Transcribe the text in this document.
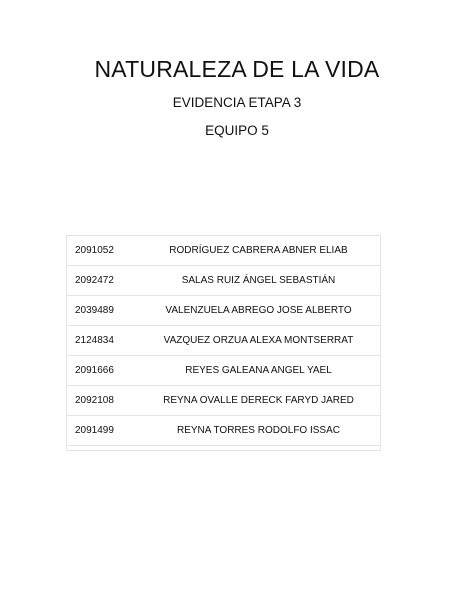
NATURALEZA DE LA VIDA

EVIDENCIA ETAPA 3

EQUIPO 5

2091052	RODRÍGUEZ CABRERA ABNER ELIAB
2092472	SALAS RUIZ ÁNGEL SEBASTIÁN
2039489	VALENZUELA ABREGO JOSE ALBERTO
2124834	VAZQUEZ ORZUA ALEXA MONTSERRAT
2091666	REYES GALEANA ANGEL YAEL
2092108	REYNA OVALLE DERECK FARYD JARED
2091499	REYNA TORRES RODOLFO ISSAC
